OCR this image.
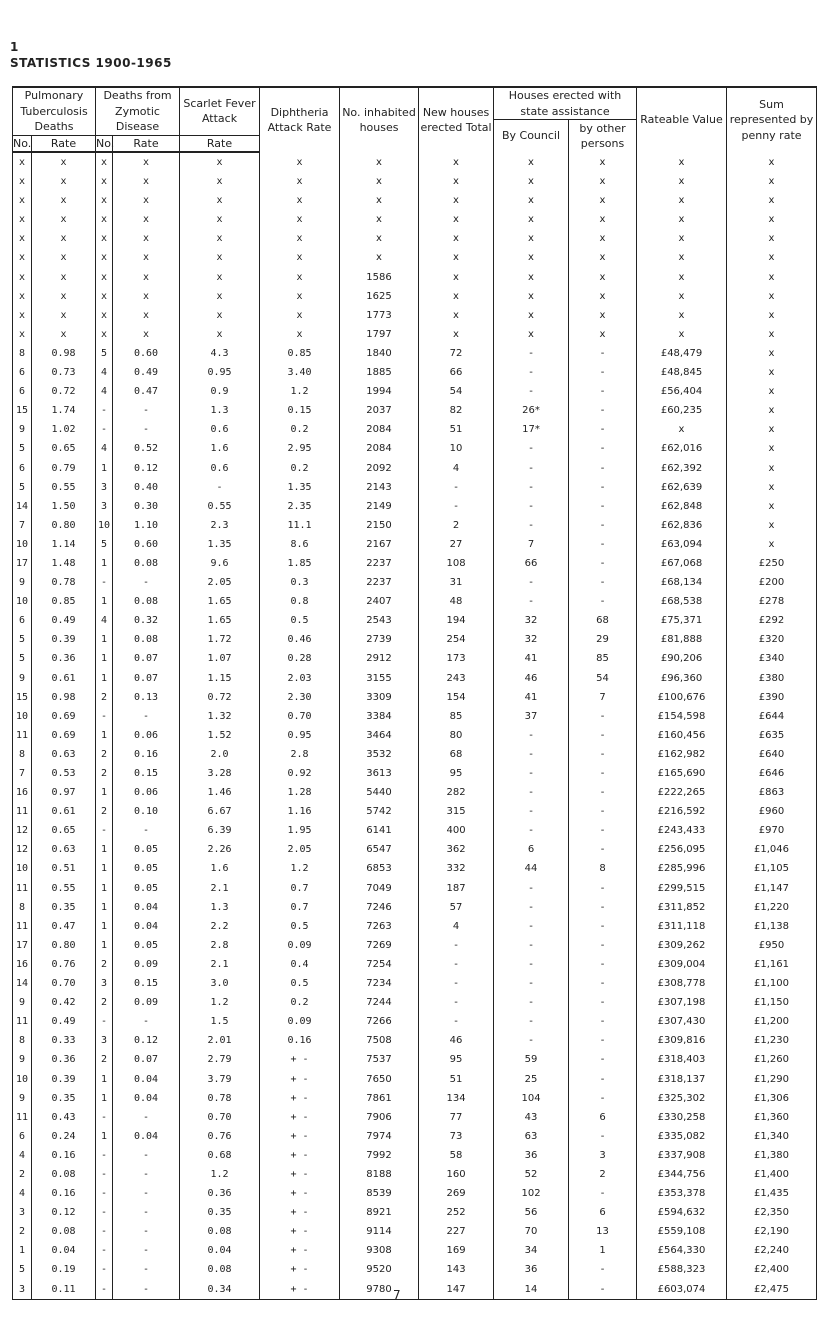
1
STATISTICS 1900-1965
Pulmonary Tuberculosis Deaths		Deaths from Zymotic Disease		Scarlet Fever Attack	Diphtheria Attack Rate	No. inhabited houses	New houses erected Total	Houses erected with state assistance		Rateable Value	Sum represented by penny rate
								By Council	by other persons		
No.	Rate	No.	Rate	Rate							
x	x	x	x	x	x	x	x	x	x	x	x
x	x	x	x	x	x	x	x	x	x	x	x
x	x	x	x	x	x	x	x	x	x	x	x
x	x	x	x	x	x	x	x	x	x	x	x
x	x	x	x	x	x	x	x	x	x	x	x
x	x	x	x	x	x	x	x	x	x	x	x
x	x	x	x	x	x	1586	x	x	x	x	x
x	x	x	x	x	x	1625	x	x	x	x	x
x	x	x	x	x	x	1773	x	x	x	x	x
x	x	x	x	x	x	1797	x	x	x	x	x
8	0.98	5	0.60	4.3	0.85	1840	72	-	-	£48,479	x
6	0.73	4	0.49	0.95	3.40	1885	66	-	-	£48,845	x
6	0.72	4	0.47	0.9	1.2	1994	54	-	-	£56,404	x
15	1.74	-	-	1.3	0.15	2037	82	26*	-	£60,235	x
9	1.02	-	-	0.6	0.2	2084	51	17*	-	x	x
5	0.65	4	0.52	1.6	2.95	2084	10	-	-	£62,016	x
6	0.79	1	0.12	0.6	0.2	2092	4	-	-	£62,392	x
5	0.55	3	0.40	-	1.35	2143	-	-	-	£62,639	x
14	1.50	3	0.30	0.55	2.35	2149	-	-	-	£62,848	x
7	0.80	10	1.10	2.3	11.1	2150	2	-	-	£62,836	x
10	1.14	5	0.60	1.35	8.6	2167	27	7	-	£63,094	x
17	1.48	1	0.08	9.6	1.85	2237	108	66	-	£67,068	£250
9	0.78	-	-	2.05	0.3	2237	31	-	-	£68,134	£200
10	0.85	1	0.08	1.65	0.8	2407	48	-	-	£68,538	£278
6	0.49	4	0.32	1.65	0.5	2543	194	32	68	£75,371	£292
5	0.39	1	0.08	1.72	0.46	2739	254	32	29	£81,888	£320
5	0.36	1	0.07	1.07	0.28	2912	173	41	85	£90,206	£340
9	0.61	1	0.07	1.15	2.03	3155	243	46	54	£96,360	£380
15	0.98	2	0.13	0.72	2.30	3309	154	41	7	£100,676	£390
10	0.69	-	-	1.32	0.70	3384	85	37	-	£154,598	£644
11	0.69	1	0.06	1.52	0.95	3464	80	-	-	£160,456	£635
8	0.63	2	0.16	2.0	2.8	3532	68	-	-	£162,982	£640
7	0.53	2	0.15	3.28	0.92	3613	95	-	-	£165,690	£646
16	0.97	1	0.06	1.46	1.28	5440	282	-	-	£222,265	£863
11	0.61	2	0.10	6.67	1.16	5742	315	-	-	£216,592	£960
12	0.65	-	-	6.39	1.95	6141	400	-	-	£243,433	£970
12	0.63	1	0.05	2.26	2.05	6547	362	6	-	£256,095	£1,046
10	0.51	1	0.05	1.6	1.2	6853	332	44	8	£285,996	£1,105
11	0.55	1	0.05	2.1	0.7	7049	187	-	-	£299,515	£1,147
8	0.35	1	0.04	1.3	0.7	7246	57	-	-	£311,852	£1,220
11	0.47	1	0.04	2.2	0.5	7263	4	-	-	£311,118	£1,138
17	0.80	1	0.05	2.8	0.09	7269	-	-	-	£309,262	£950
16	0.76	2	0.09	2.1	0.4	7254	-	-	-	£309,004	£1,161
14	0.70	3	0.15	3.0	0.5	7234	-	-	-	£308,778	£1,100
9	0.42	2	0.09	1.2	0.2	7244	-	-	-	£307,198	£1,150
11	0.49	-	-	1.5	0.09	7266	-	-	-	£307,430	£1,200
8	0.33	3	0.12	2.01	0.16	7508	46	-	-	£309,816	£1,230
9	0.36	2	0.07	2.79	+ -	7537	95	59	-	£318,403	£1,260
10	0.39	1	0.04	3.79	+ -	7650	51	25	-	£318,137	£1,290
9	0.35	1	0.04	0.78	+ -	7861	134	104	-	£325,302	£1,306
11	0.43	-	-	0.70	+ -	7906	77	43	6	£330,258	£1,360
6	0.24	1	0.04	0.76	+ -	7974	73	63	-	£335,082	£1,340
4	0.16	-	-	0.68	+ -	7992	58	36	3	£337,908	£1,380
2	0.08	-	-	1.2	+ -	8188	160	52	2	£344,756	£1,400
4	0.16	-	-	0.36	+ -	8539	269	102	-	£353,378	£1,435
3	0.12	-	-	0.35	+ -	8921	252	56	6	£594,632	£2,350
2	0.08	-	-	0.08	+ -	9114	227	70	13	£559,108	£2,190
1	0.04	-	-	0.04	+ -	9308	169	34	1	£564,330	£2,240
5	0.19	-	-	0.08	+ -	9520	143	36	-	£588,323	£2,400
3	0.11	-	-	0.34	+ -	9780	147	14	-	£603,074	£2,475
7
